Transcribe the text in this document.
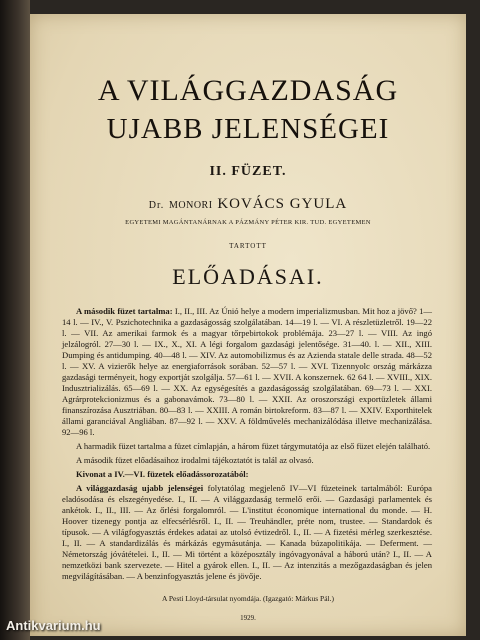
A VILÁGGAZDASÁG
UJABB JELENSÉGEI
II. FÜZET.
Dr. MONORI KOVÁCS GYULA
EGYETEMI MAGÁNTANÁRNAK A PÁZMÁNY PÉTER KIR. TUD. EGYETEMEN
TARTOTT
ELŐADÁSAI.

A második füzet tartalma: I., II., III. Az Únió helye a modern imperializmusban. Mit hoz a jövő? 1—14 l. — IV., V. Pszichotechnika a gazdaságosság szolgálatában. 14—19 l. — VI. A részletüzletről. 19—22 l. — VII. Az amerikai farmok és a magyar tőrpebirtokok problémája. 23—27 l. — VIII. Az ingó jelzálogról. 27—30 l. — IX., X., XI. A légi forgalom gazdasági jelentősége. 31—40. l. — XII., XIII. Dumping és antidumping. 40—48 l. — XIV. Az automobilizmus és az Azienda statale delle strada. 48—52 l. — XV. A vizierők helye az energiaforrások sorában. 52—57 l. — XVI. Tizennyolc ország márkázza gazdasági terményeit, hogy exportját szolgálja. 57—61 l. — XVII. A konszernek. 62 64 l. — XVIII., XIX. Indusztrializálás. 65—69 l. — XX. Az egységesítés a gazdaságosság szolgálatában. 69—73 l. — XXI. Agrárprotekcionizmus és a gabonavámok. 73—80 l. — XXII. Az oroszországi exportüzletek állami finanszírozása Ausztriában. 80—83 l. — XXIII. A román birtokreform. 83—87 l. — XXIV. Exporthitelek állami garanciával Angliában. 87—92 l. — XXV. A földművelés mechanizálódása illetve mechanizálása. 92—96 l.

A harmadik füzet tartalma a füzet címlapján, a három füzet tárgymutatója az első füzet elején található.

A második füzet előadásaihoz irodalmi tájékoztatót is talál az olvasó.

Kivonat a IV.—VI. füzetek előadássorozatából:

A világgazdaság ujabb jelenségei folytatólag megjelenő IV—VI füzeteinek tartalmából: Európa eladósodása és elszegényedése. I., II. — A világgazdaság termelő erői. — Gazdasági parlamentek és ankétok. I., II., III. — Az őrlési forgalomról. — L'institut économique international du monde. — H. Hoover tizenegy pontja az elfecsérlésről. I., II. — Treuhändler, préte nom, trustee. — Standardok és típusok. — A világfogyasztás érdekes adatai az utolsó évtizedről. I., II. — A fizetési mérleg szerkesztése. I., II. — A standardizálás és márkázás egymásutánja. — Kanada búzapolitikája. — Deferment. — Németország jóvátételei. I., II. — Mi történt a középosztály ingóvagyonával a háború után? I., II. — A nemzetközi bank szervezete. — Hitel a gyárok ellen. I., II. — Az intenzitás a mezőgazdaságban és jelen megvilágításában. — A benzinfogyasztás jelene és jövője.

A Pesti Lloyd-társulat nyomdája. (Igazgató: Márkus Pál.)
1929.
Antikvarium.hu
